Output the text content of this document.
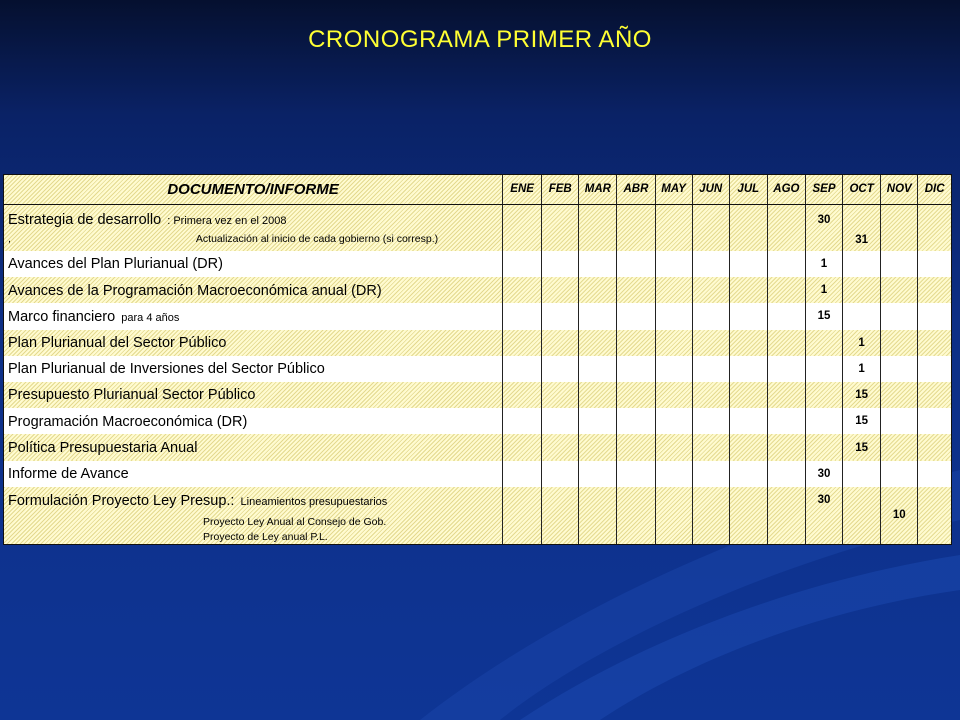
CRONOGRAMA PRIMER AÑO
DOCUMENTO/INFORME	ENE	FEB	MAR	ABR	MAY	JUN	JUL	AGO	SEP	OCT	NOV	DIC
Estrategia de desarrollo : Primera vez en el 2008
, Actualización al inicio de cada gobierno (si corresp.)									30	31		

Avances del Plan Plurianual (DR)									1			

Avances de la Programación Macroeconómica anual (DR)									1			

Marco financiero para 4 años									15			

Plan Plurianual del Sector Público										1		

Plan Plurianual de Inversiones del Sector Público										1		

Presupuesto Plurianual Sector Público										15		

Programación Macroeconómica (DR)										15		

Política Presupuestaria Anual										15		

Informe de Avance									30			

Formulación Proyecto Ley Presup.: Lineamientos presupuestarios
Proyecto Ley Anual al Consejo de Gob.
Proyecto de Ley anual P.L.									30		10	
